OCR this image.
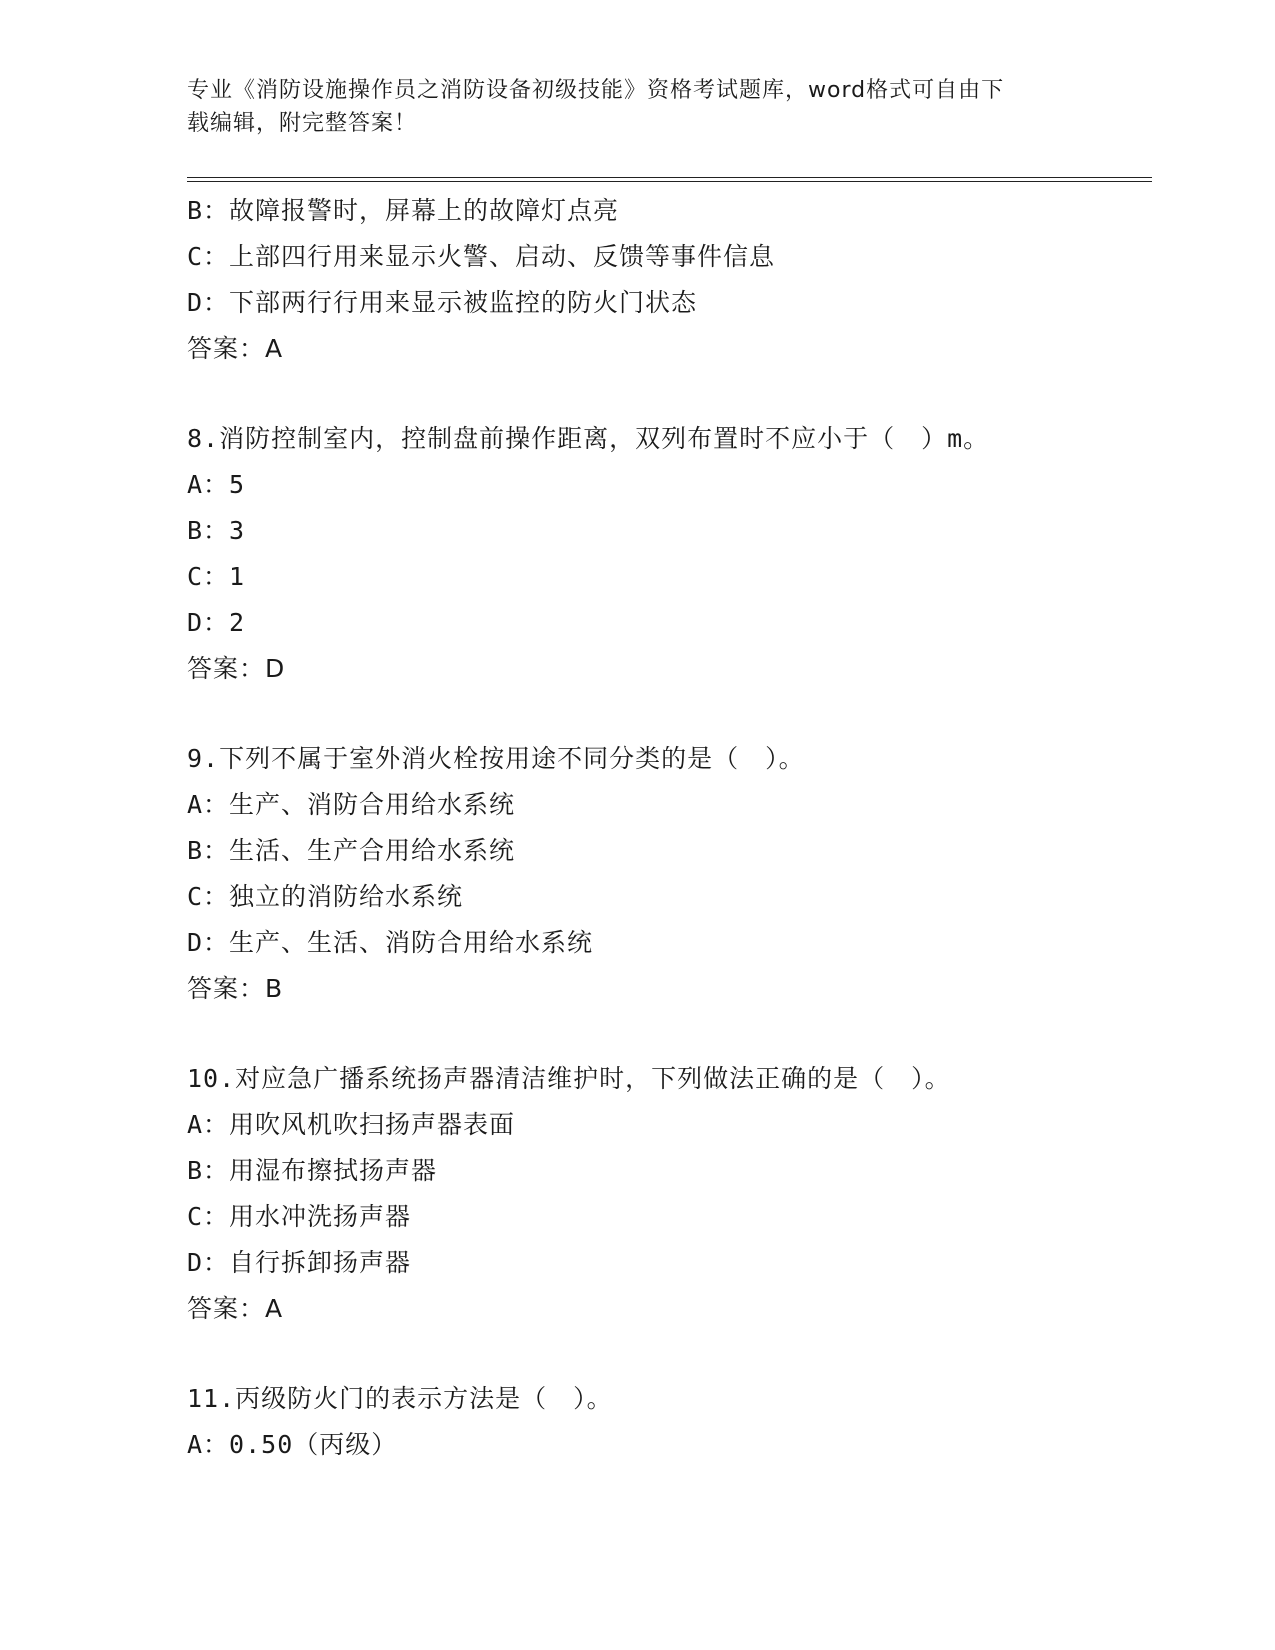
专业《消防设施操作员之消防设备初级技能》资格考试题库，word格式可自由下
载编辑，附完整答案！
B：故障报警时，屏幕上的故障灯点亮
C：上部四行用来显示火警、启动、反馈等事件信息
D：下部两行行用来显示被监控的防火门状态
答案：A
8.消防控制室内，控制盘前操作距离，双列布置时不应小于（　）m。
A：5
B：3
C：1
D：2
答案：D
9.下列不属于室外消火栓按用途不同分类的是（　）。
A：生产、消防合用给水系统
B：生活、生产合用给水系统
C：独立的消防给水系统
D：生产、生活、消防合用给水系统
答案：B
10.对应急广播系统扬声器清洁维护时，下列做法正确的是（　）。
A：用吹风机吹扫扬声器表面
B：用湿布擦拭扬声器
C：用水冲洗扬声器
D：自行拆卸扬声器
答案：A
11.丙级防火门的表示方法是（　）。
A：0.50（丙级）
